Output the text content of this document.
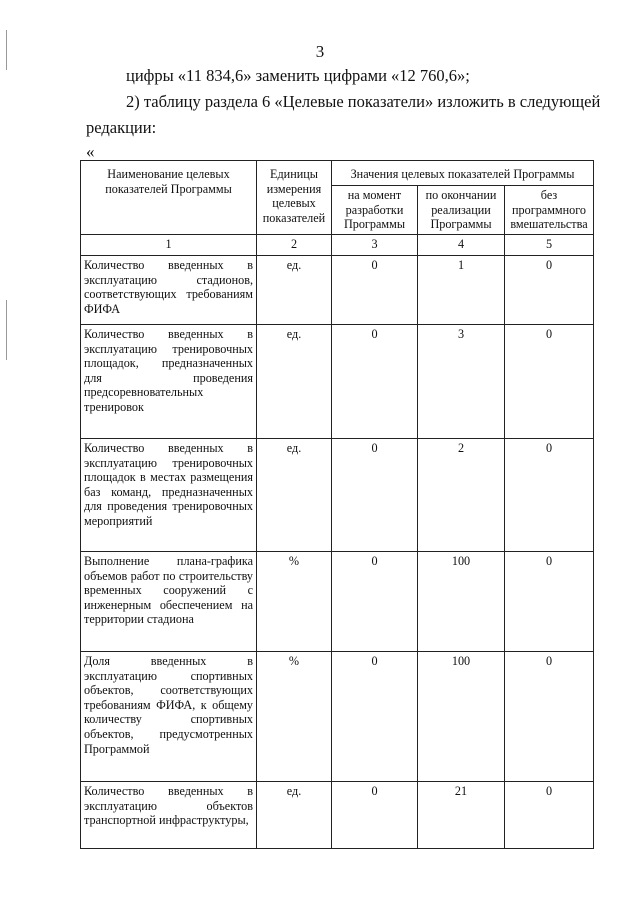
3
цифры «11 834,6» заменить цифрами «12 760,6»;
2) таблицу раздела 6 «Целевые показатели» изложить в следующей
редакции:
«
Наименование целевых показателей Программы	Единицы измерения целевых показателей	Значения целевых показателей Программы		
		на момент разработки Программы	по окончании реализации Программы	без программного вмешательства
1	2	3	4	5
Количество введенных в эксплуатацию стадионов, соответствующих требованиям ФИФА	ед.	0	1	0
Количество введенных в эксплуатацию тренировочных площадок, предназначенных для проведения предсоревновательных тренировок	ед.	0	3	0
Количество введенных в эксплуатацию тренировочных площадок в местах размещения баз команд, предназначенных для проведения тренировочных мероприятий	ед.	0	2	0
Выполнение плана-графика объемов работ по строительству временных сооружений с инженерным обеспечением на территории стадиона	%	0	100	0
Доля введенных в эксплуатацию спортивных объектов, соответствующих требованиям ФИФА, к общему количеству спортивных объектов, предусмотренных Программой	%	0	100	0
Количество введенных в эксплуатацию объектов транспортной инфраструктуры,	ед.	0	21	0
